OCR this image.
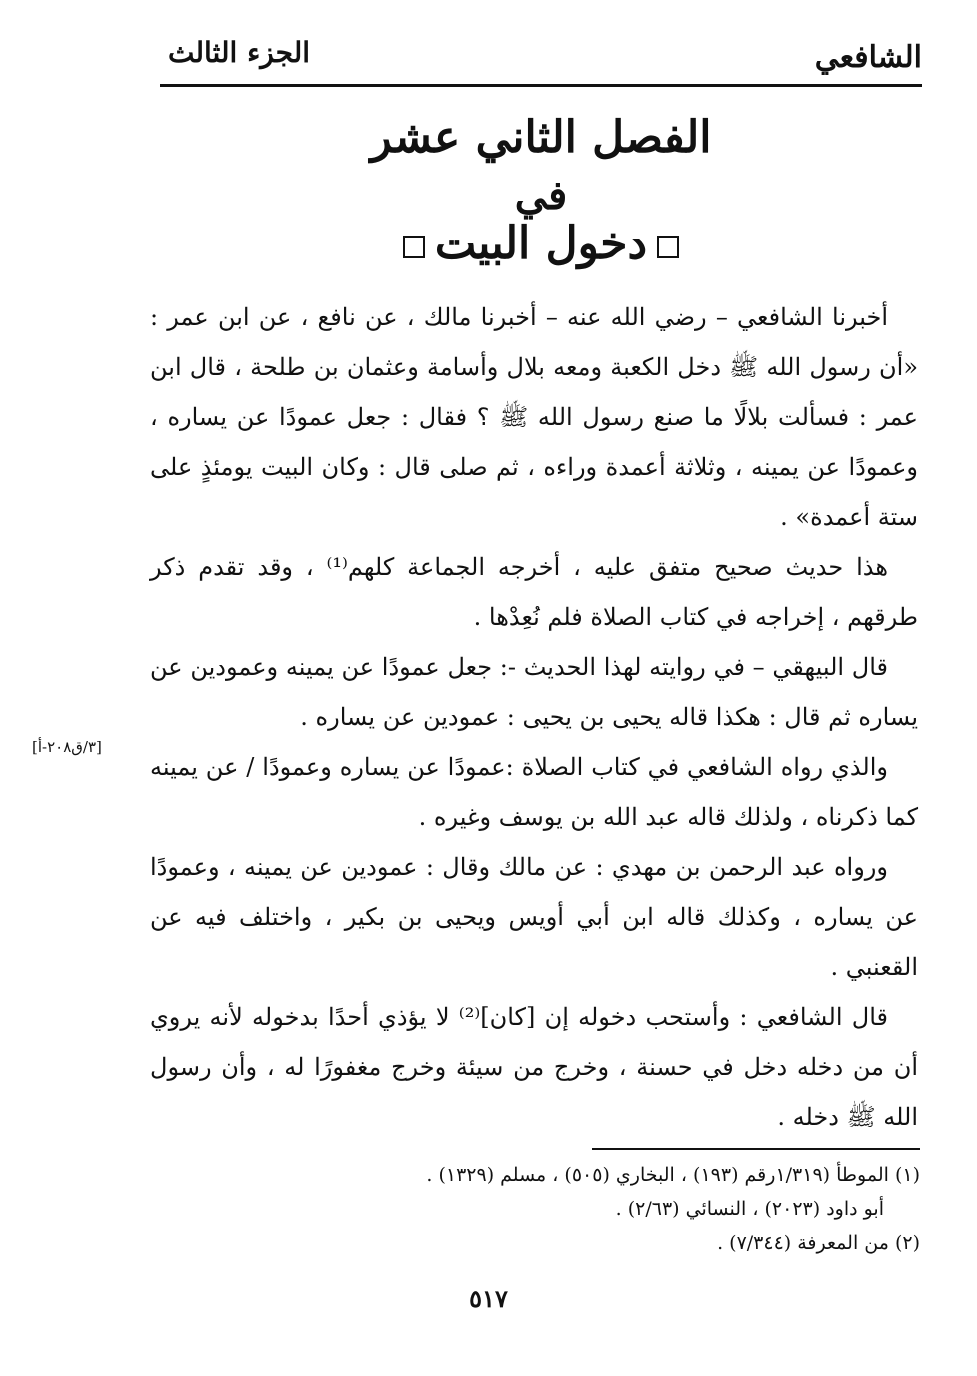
الشافعي
الجزء الثالث
الفصل الثاني عشر
في
دخول البيت

أخبرنا الشافعي – رضي الله عنه – أخبرنا مالك ، عن نافع ، عن ابن عمر : «أن رسول الله ﷺ دخل الكعبة ومعه بلال وأسامة وعثمان بن طلحة ، قال ابن عمر : فسألت بلالًا ما صنع رسول الله ﷺ ؟ فقال : جعل عمودًا عن يساره ، وعمودًا عن يمينه ، وثلاثة أعمدة وراءه ، ثم صلى قال : وكان البيت يومئذٍ على ستة أعمدة» .

هذا حديث صحيح متفق عليه ، أخرجه الجماعة كلهم⁽¹⁾ ، وقد تقدم ذكر طرقهم ، إخراجه في كتاب الصلاة فلم نُعِدْها .

قال البيهقي – في روايته لهذا الحديث -: جعل عمودًا عن يمينه وعمودين عن يساره ثم قال : هكذا قاله يحيى بن يحيى : عمودين عن يساره .

والذي رواه الشافعي في كتاب الصلاة :عمودًا عن يساره وعمودًا / عن يمينه كما ذكرناه ، ولذلك قاله عبد الله بن يوسف وغيره .

ورواه عبد الرحمن بن مهدي : عن مالك وقال : عمودين عن يمينه ، وعمودًا عن يساره ، وكذلك قاله ابن أبي أويس ويحيى بن بكير ، واختلف فيه عن القعنبي .

قال الشافعي : وأستحب دخوله إن [كان]⁽²⁾ لا يؤذي أحدًا بدخوله لأنه يروي أن من دخله دخل في حسنة ، وخرج من سيئة وخرج مغفورًا له ، وأن رسول الله ﷺ دخله .

[٣/ق٢٠٨-أ]
(١) الموطأ (١/٣١٩رقم (١٩٣) ، البخاري (٥٠٥) ، مسلم (١٣٢٩) .
أبو داود (٢٠٢٣) ، النسائي (٢/٦٣) .
(٢) من المعرفة (٧/٣٤٤) .
٥١٧
